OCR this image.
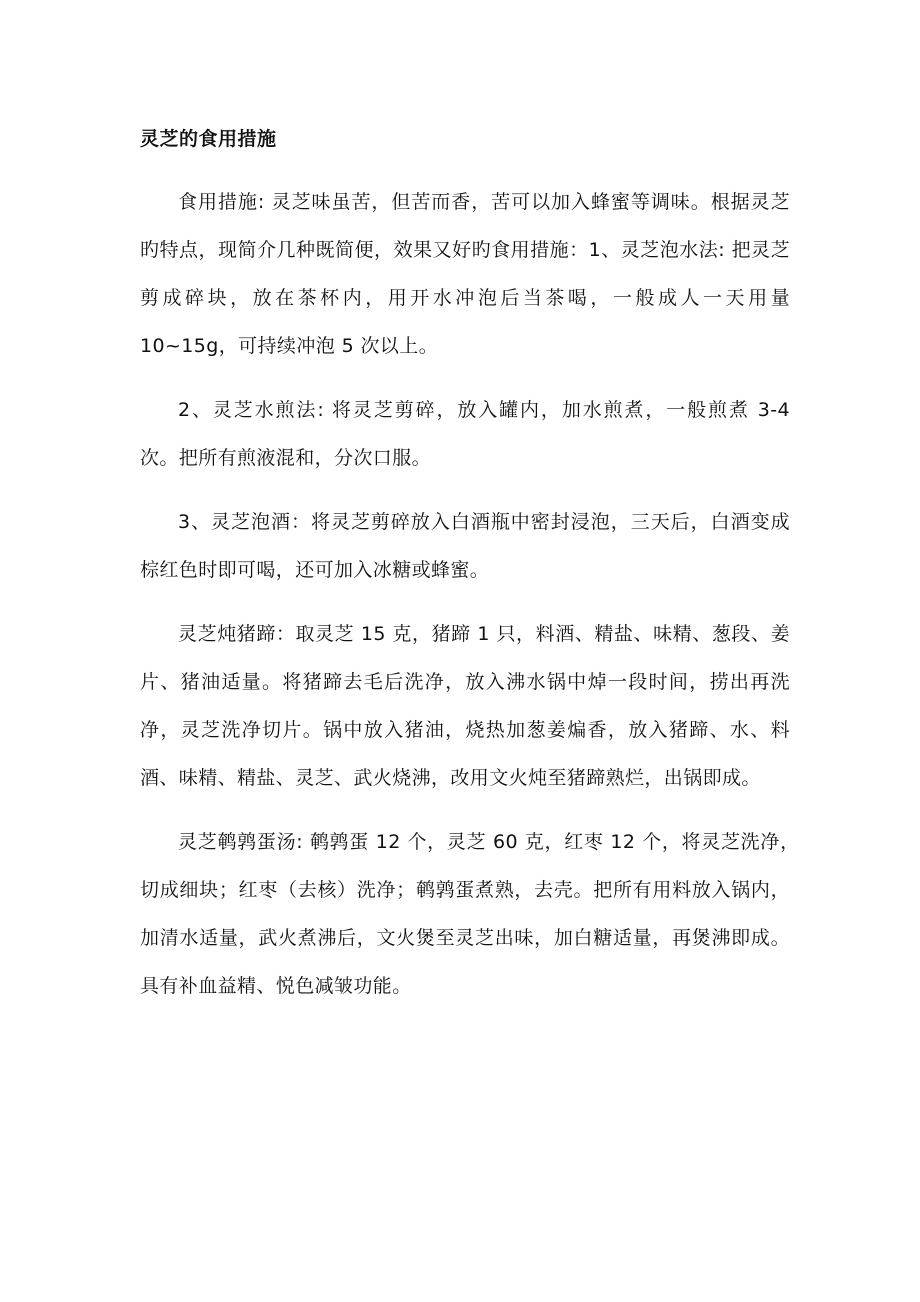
灵芝的食用措施

食用措施: 灵芝味虽苦，但苦而香，苦可以加入蜂蜜等调味。根据灵芝旳特点，现简介几种既简便，效果又好旳食用措施：1、灵芝泡水法: 把灵芝剪成碎块，放在茶杯内，用开水冲泡后当茶喝，一般成人一天用量 10~15g，可持续冲泡 5 次以上。

2、灵芝水煎法: 将灵芝剪碎，放入罐内，加水煎煮，一般煎煮 3-4 次。把所有煎液混和，分次口服。

3、灵芝泡酒：将灵芝剪碎放入白酒瓶中密封浸泡，三天后，白酒变成棕红色时即可喝，还可加入冰糖或蜂蜜。

灵芝炖猪蹄：取灵芝 15 克，猪蹄 1 只，料酒、精盐、味精、葱段、姜片、猪油适量。将猪蹄去毛后洗净，放入沸水锅中焯一段时间，捞出再洗净，灵芝洗净切片。锅中放入猪油，烧热加葱姜煸香，放入猪蹄、水、料酒、味精、精盐、灵芝、武火烧沸，改用文火炖至猪蹄熟烂，出锅即成。

灵芝鹌鹑蛋汤: 鹌鹑蛋 12 个，灵芝 60 克，红枣 12 个，将灵芝洗净，　切成细块；红枣（去核）洗净；鹌鹑蛋煮熟，去壳。把所有用料放入锅内，加清水适量，武火煮沸后，文火煲至灵芝出味，加白糖适量，再煲沸即成。具有补血益精、悦色减皱功能。
